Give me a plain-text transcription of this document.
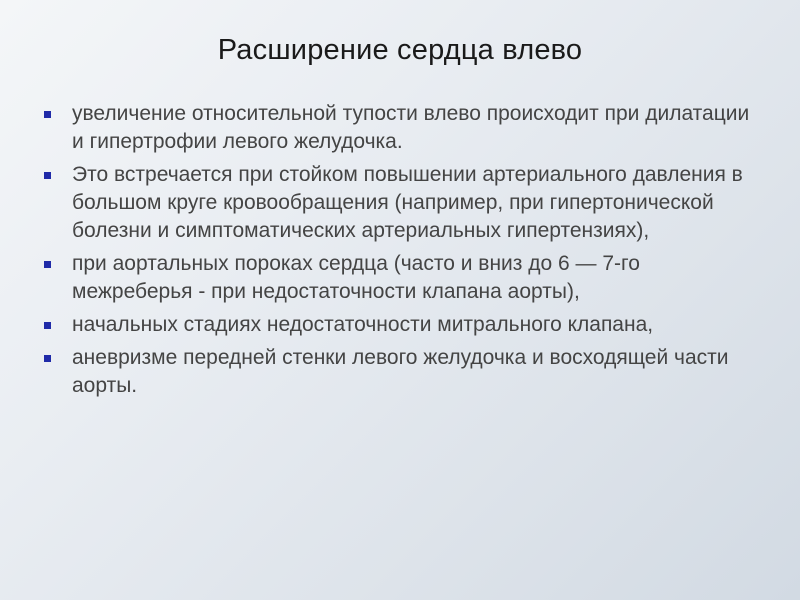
Расширение сердца влево
увеличение относительной тупости влево происходит при дилатации и гипертрофии левого желудочка.
Это встречается при стойком повышении артериального давления в большом круге кровообращения (например, при гипертонической болезни и симптоматических артериальных гипертензиях),
при аортальных пороках сердца (часто и вниз до 6 — 7-го межреберья - при недостаточности клапана аорты),
начальных стадиях недостаточности митрального клапана,
аневризме передней стенки левого желудочка и восходящей части аорты.
